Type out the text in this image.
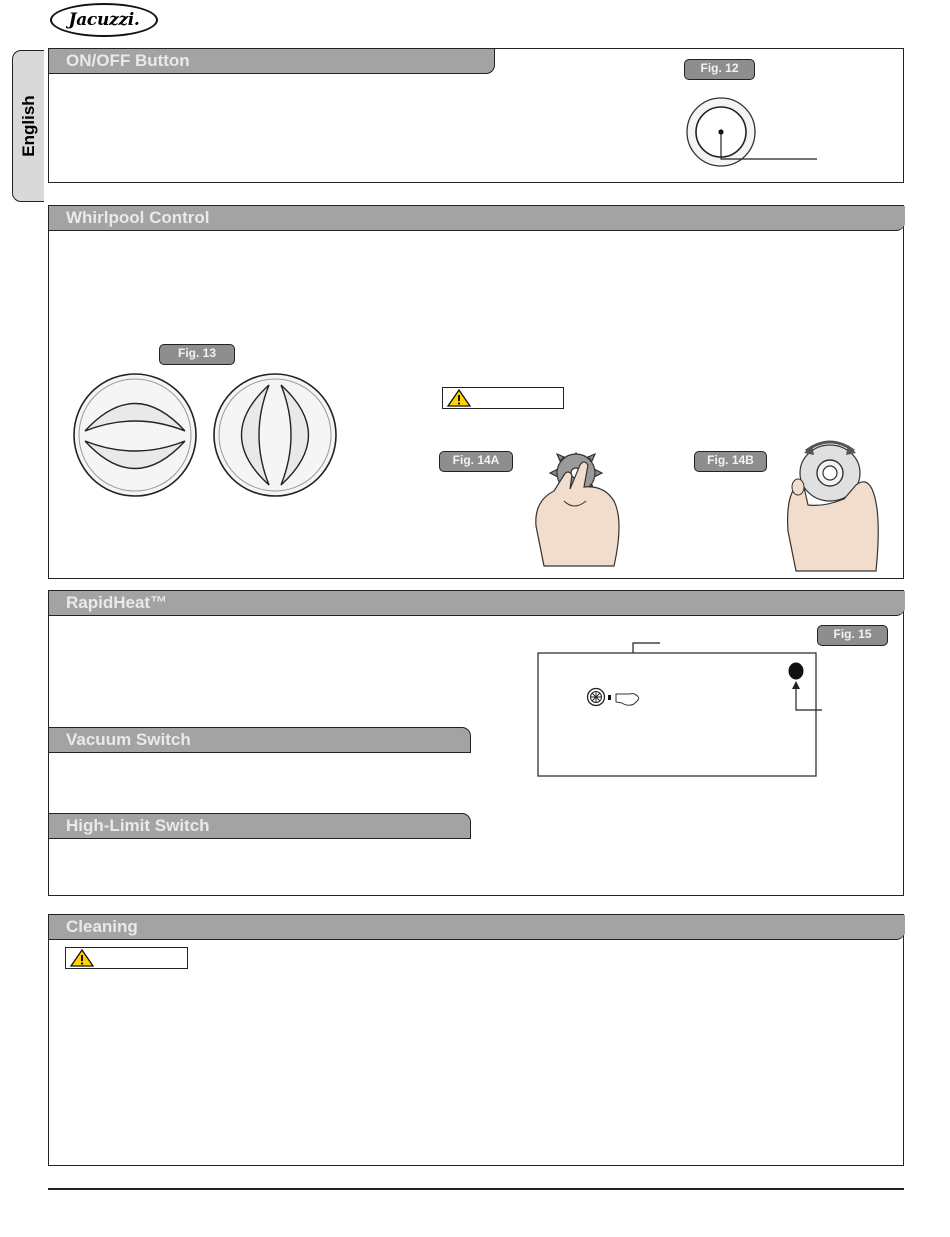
Jacuzzi .
English
ON/OFF Button	Fig. 12
Whirlpool Control
Fig. 13
Fig. 14A	Fig. 14B
RapidHeat™
Fig. 15
Vacuum Switch
High-Limit Switch
Cleaning
